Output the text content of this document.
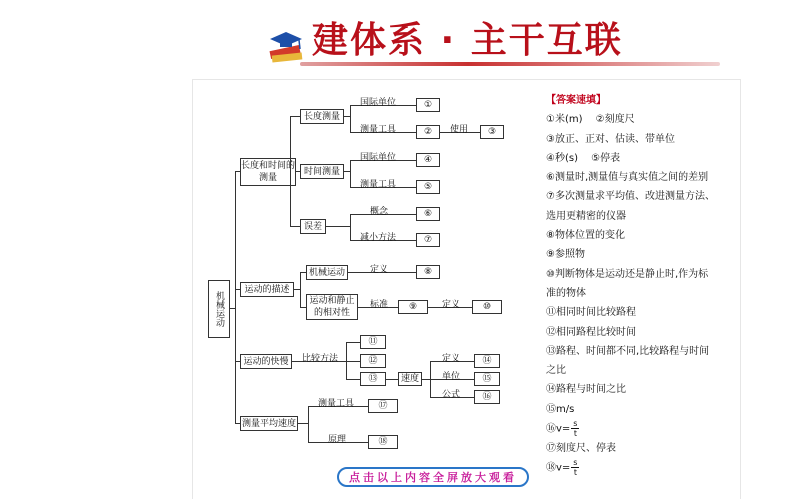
建体系 · 主干互联
机械运动
长度和时间的测量
运动的描述
运动的快慢
测量平均速度
长度测量
时间测量
误差
国际单位
测量工具
①
②	使用	③
国际单位
测量工具
④
⑤
概念
减小方法
⑥
⑦
机械运动
运动和静止的相对性
定义	⑧
标准	⑨	定义	⑩
比较方法
⑪
⑫
⑬	速度
定义
单位
公式
⑭
⑮
⑯
测量工具
原理
⑰
⑱
【答案速填】
①米(m)　 ②刻度尺
③放正、正对、估读、带单位
④秒(s)　 ⑤停表
⑥测量时,测量值与真实值之间的差别
⑦多次测量求平均值、改进测量方法、
选用更精密的仪器
⑧物体位置的变化
⑨参照物
⑩判断物体是运动还是静止时,作为标
准的物体
⑪相同时间比较路程
⑫相同路程比较时间
⑬路程、时间都不同,比较路程与时间
之比
⑭路程与时间之比
⑮m/s
⑯v= $\frac{s}{t}$
⑰刻度尺、停表
⑱v= $\frac{s}{t}$
点击以上内容全屏放大观看
